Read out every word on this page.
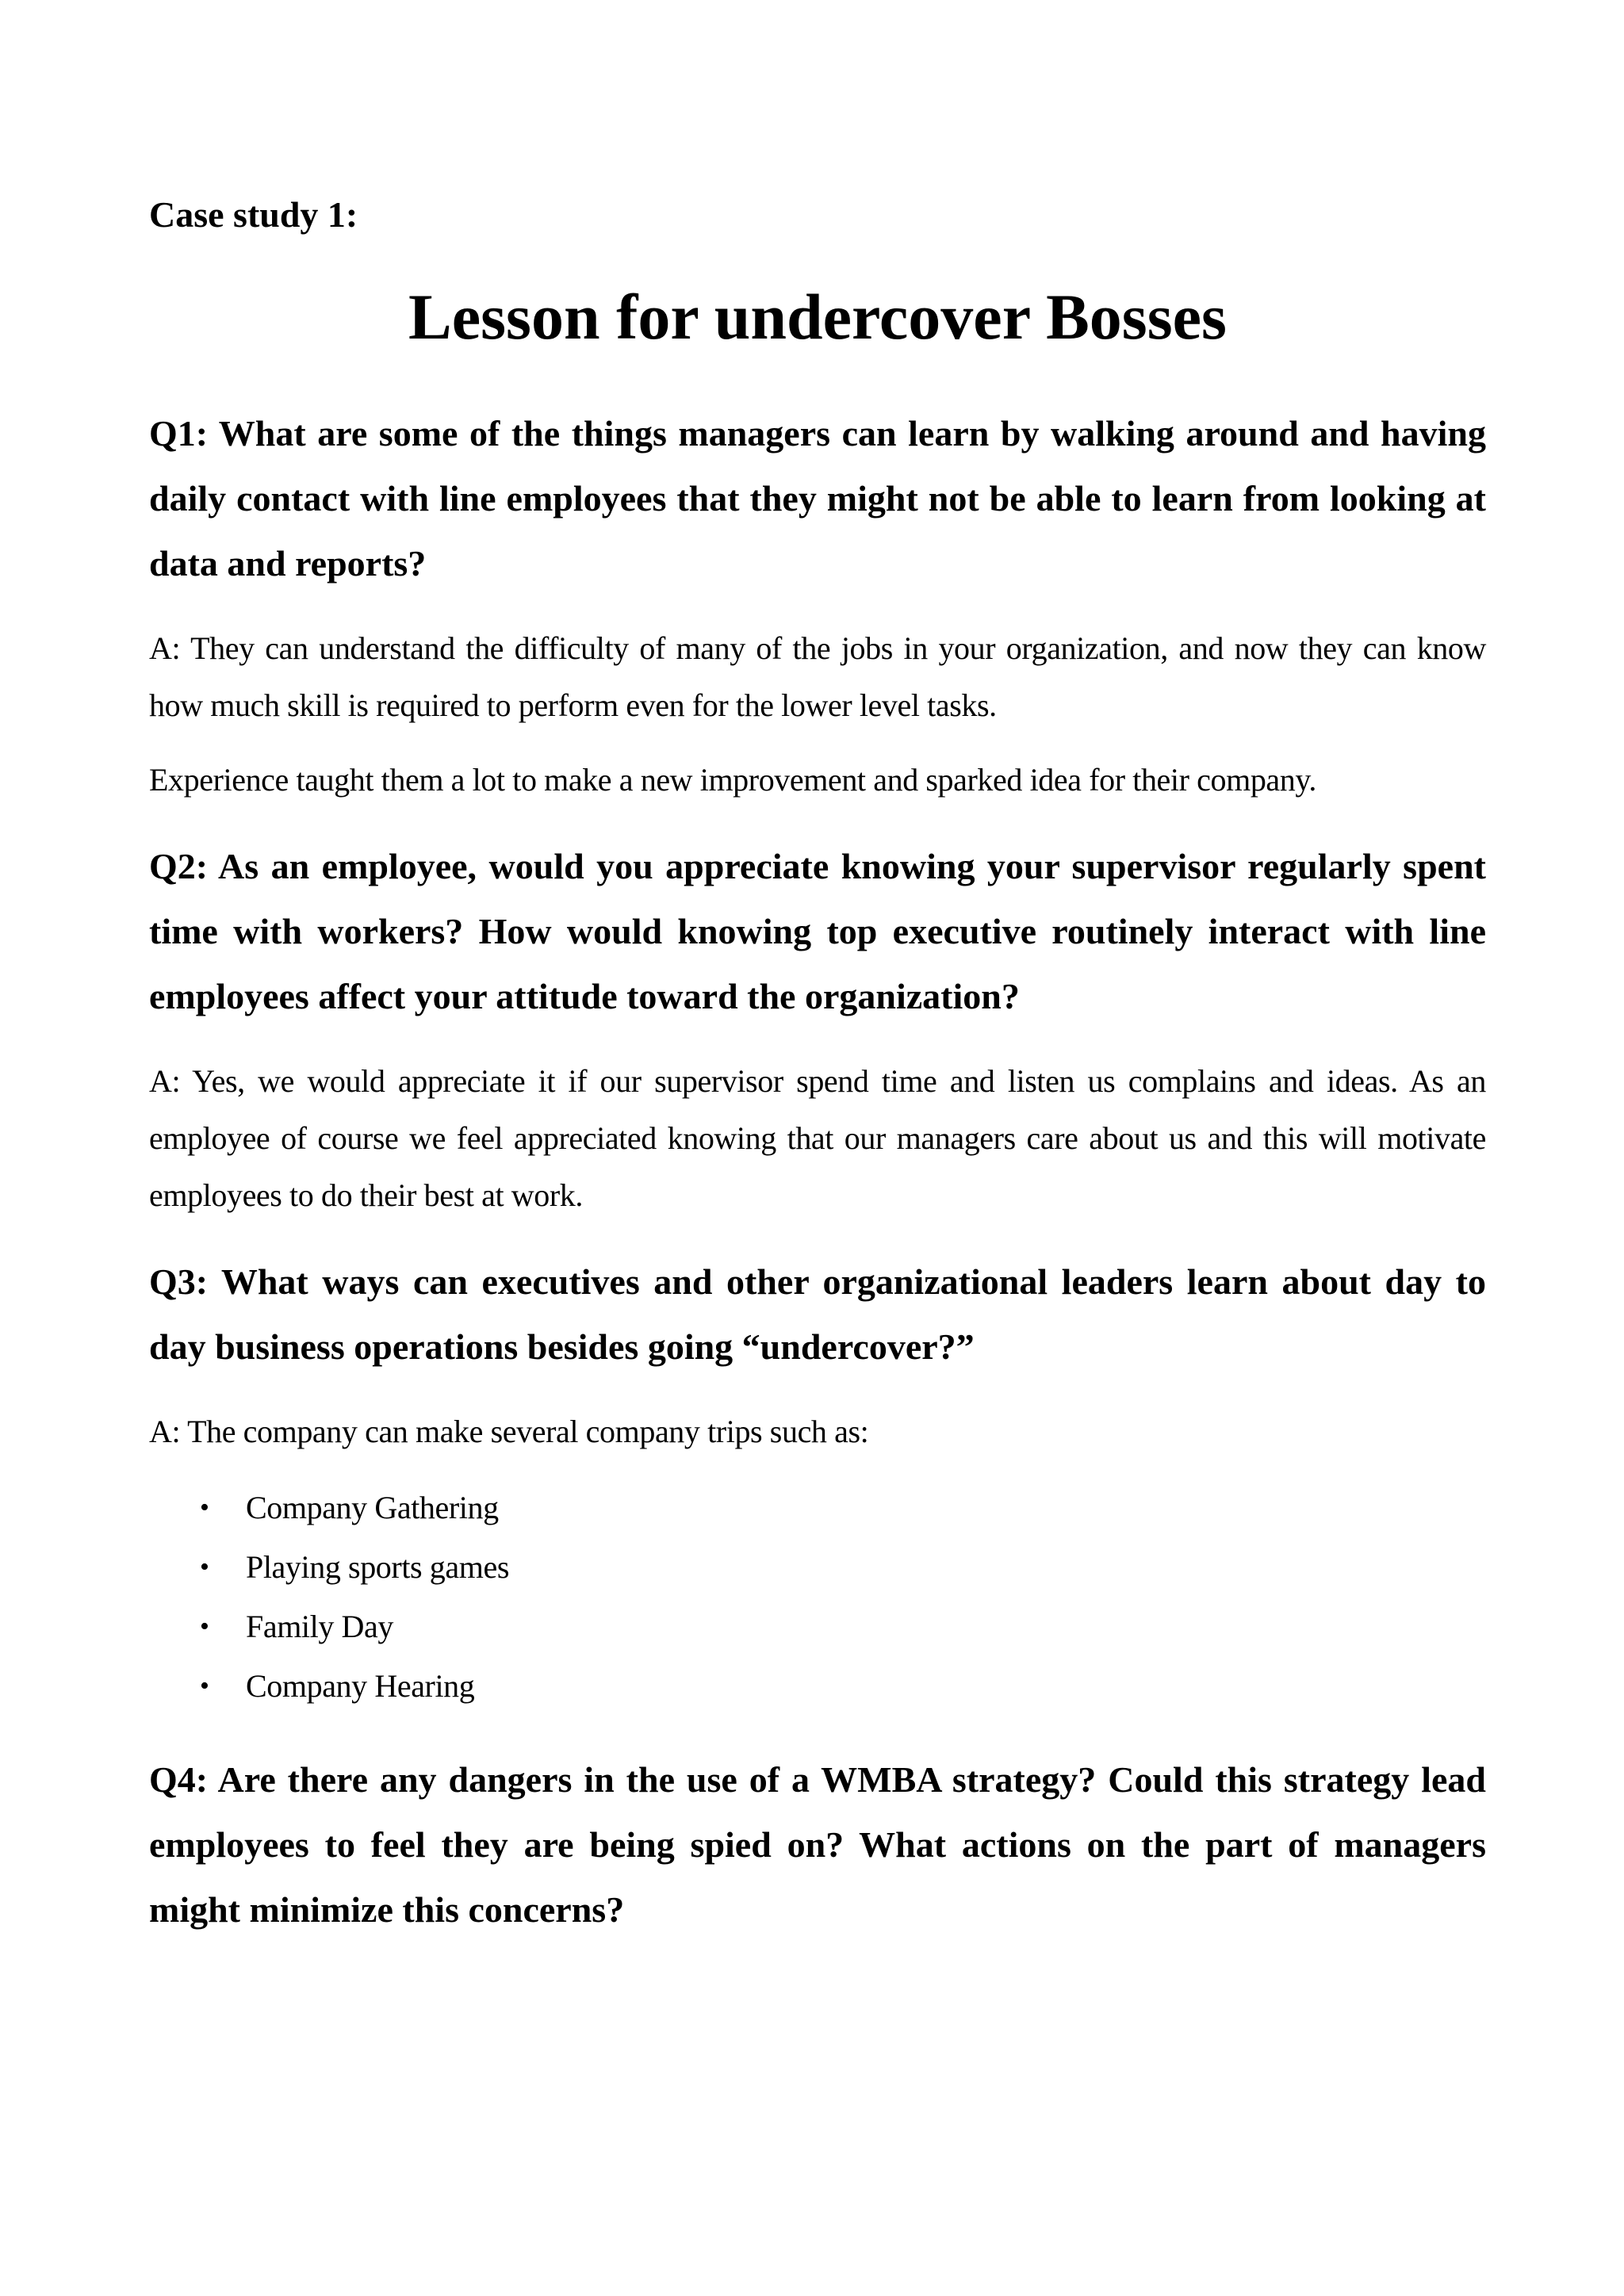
Case study 1:
Lesson for undercover Bosses
Q1: What are some of the things managers can learn by walking around and having daily contact with line employees that they might not be able to learn from looking at data and reports?
A: They can understand the difficulty of many of the jobs in your organization, and now they can know how much skill is required to perform even for the lower level tasks.
Experience taught them a lot to make a new improvement and sparked idea for their company.
Q2: As an employee, would you appreciate knowing your supervisor regularly spent time with workers? How would knowing top executive routinely interact with line employees affect your attitude toward the organization?
A: Yes, we would appreciate it if our supervisor spend time and listen us complains and ideas. As an employee of course we feel appreciated knowing that our managers care about us and this will motivate employees to do their best at work.
Q3: What ways can executives and other organizational leaders learn about day to day business operations besides going “undercover?”
A: The company can make several company trips such as:
• Company Gathering
• Playing sports games
• Family Day
• Company Hearing
Q4: Are there any dangers in the use of a WMBA strategy? Could this strategy lead employees to feel they are being spied on? What actions on the part of managers might minimize this concerns?
